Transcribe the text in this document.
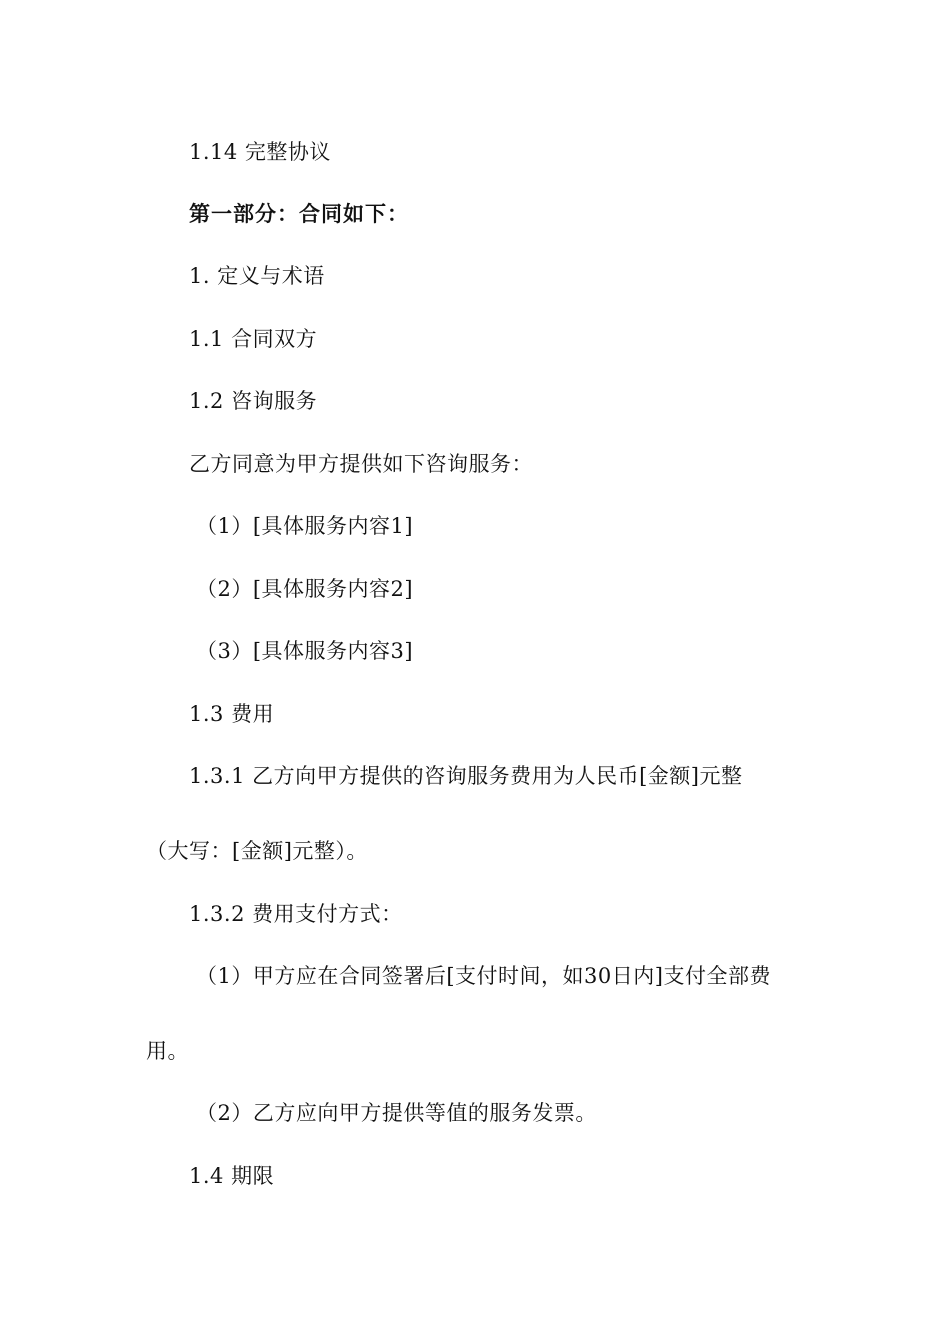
1.14 完整协议
第一部分：合同如下：
1. 定义与术语
1.1 合同双方
1.2 咨询服务
乙方同意为甲方提供如下咨询服务：
（1）[具体服务内容1]
（2）[具体服务内容2]
（3）[具体服务内容3]
1.3 费用
1.3.1 乙方向甲方提供的咨询服务费用为人民币[金额]元整
（大写：[金额]元整）。
1.3.2 费用支付方式：
（1）甲方应在合同签署后[支付时间，如30日内]支付全部费
用。
（2）乙方应向甲方提供等值的服务发票。
1.4 期限
